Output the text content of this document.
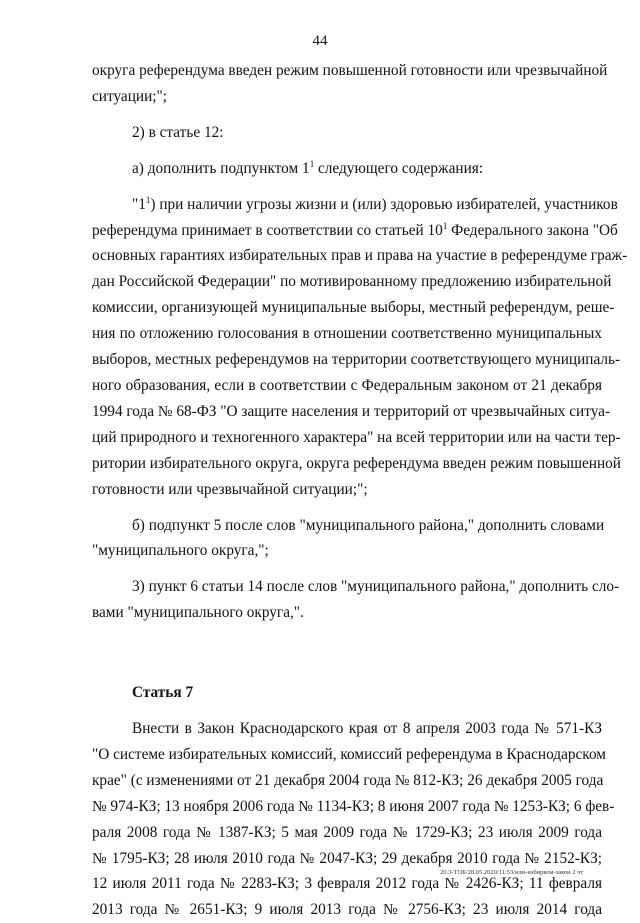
44
округа референдума введен режим повышенной готовности или чрезвычайной
ситуации;";
2) в статье 12:
а) дополнить подпунктом $1^1$ следующего содержания:
"$1^1$) при наличии угрозы жизни и (или) здоровью избирателей, участников
референдума принимает в соответствии со статьей $10^1$ Федерального закона "Об
основных гарантиях избирательных прав и права на участие в референдуме граж-
дан Российской Федерации" по мотивированному предложению избирательной
комиссии, организующей муниципальные выборы, местный референдум, реше-
ния по отложению голосования в отношении соответственно муниципальных
выборов, местных референдумов на территории соответствующего муниципаль-
ного образования, если в соответствии с Федеральным законом от 21 декабря
1994 года № 68-ФЗ "О защите населения и территорий от чрезвычайных ситуа-
ций природного и техногенного характера" на всей территории или на части тер-
ритории избирательного округа, округа референдума введен режим повышенной
готовности или чрезвычайной ситуации;";
б) подпункт 5 после слов "муниципального района," дополнить словами
"муниципального округа,";
3) пункт 6 статьи 14 после слов "муниципального района," дополнить сло-
вами "муниципального округа,".
Статья 7
Внести в Закон Краснодарского края от 8 апреля 2003 года № 571-КЗ
"О системе избирательных комиссий, комиссий референдума в Краснодарском
крае" (с изменениями от 21 декабря 2004 года № 812-КЗ; 26 декабря 2005 года
№ 974-КЗ; 13 ноября 2006 года № 1134-КЗ; 8 июня 2007 года № 1253-КЗ; 6 фев-
раля 2008 года № 1387-КЗ; 5 мая 2009 года № 1729-КЗ; 23 июля 2009 года
№ 1795-КЗ; 28 июля 2010 года № 2047-КЗ; 29 декабря 2010 года № 2152-КЗ;
12 июля 2011 года № 2283-КЗ; 3 февраля 2012 года № 2426-КЗ; 11 февраля
2013 года № 2651-КЗ; 9 июля 2013 года № 2756-КЗ; 23 июля 2014 года
20.3-ТОБ/28.05.2020/11:53/изм-избирком-закон 2 чт
